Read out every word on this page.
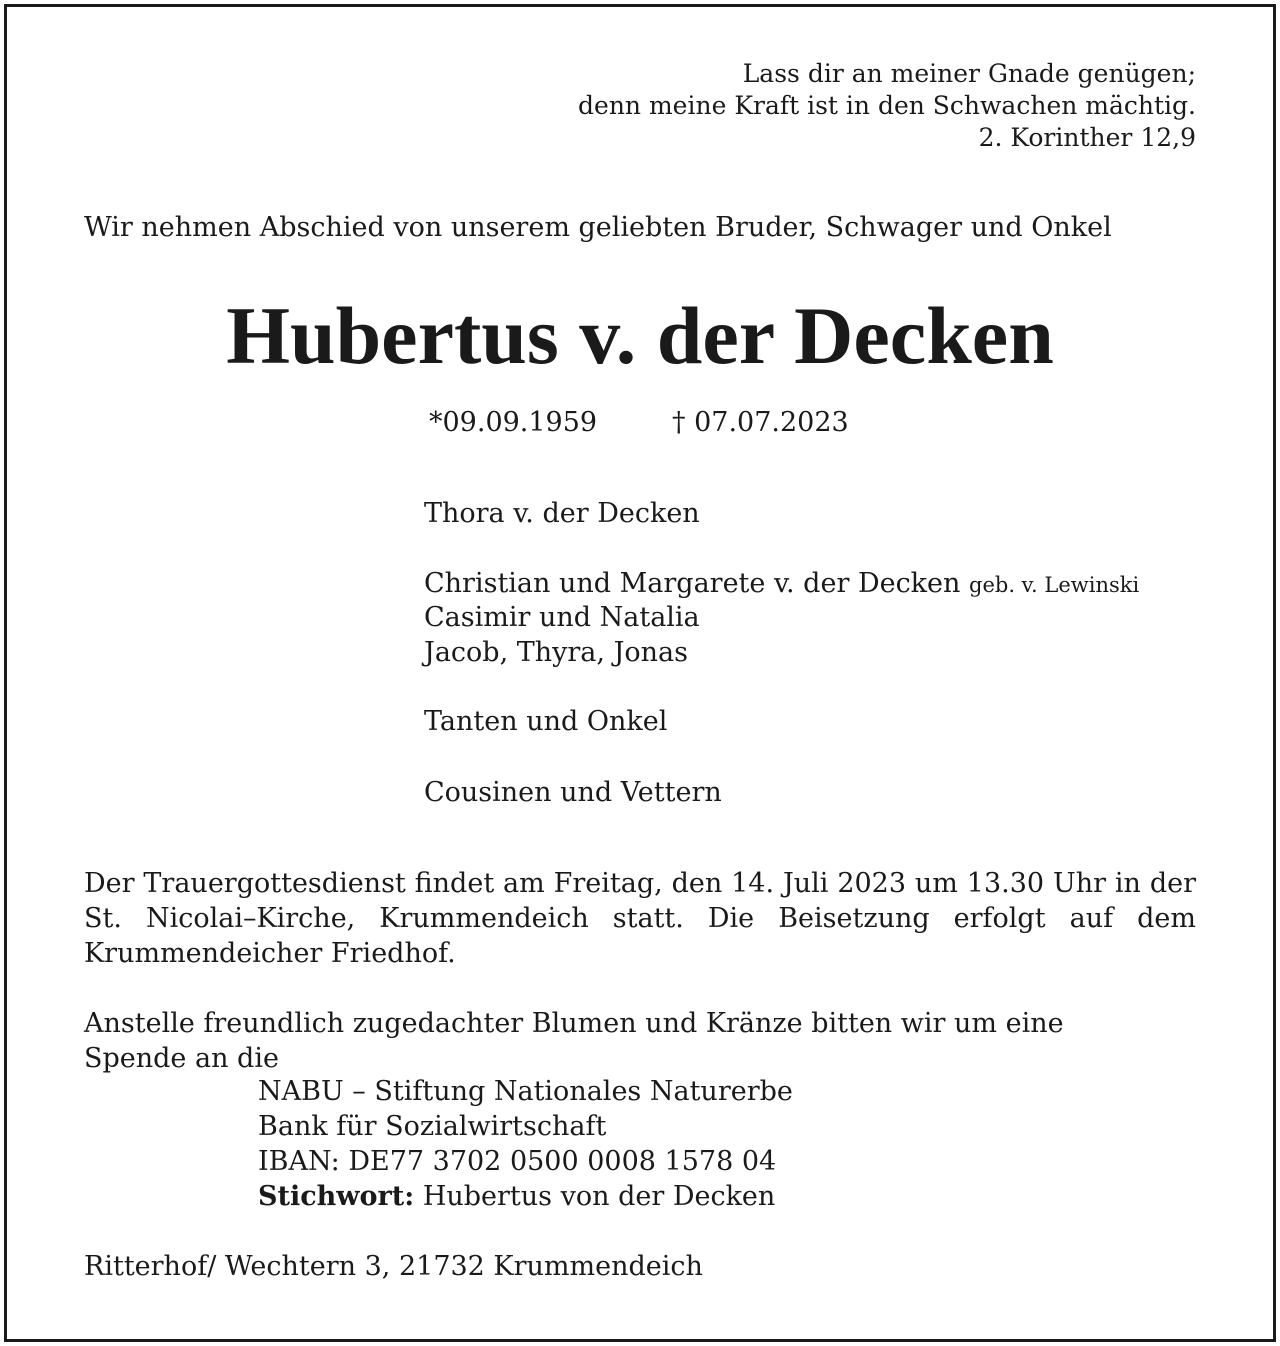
Lass dir an meiner Gnade genügen;
denn meine Kraft ist in den Schwachen mächtig.
2. Korinther 12,9
Wir nehmen Abschied von unserem geliebten Bruder, Schwager und Onkel
Hubertus v. der Decken
*09.09.1959	† 07.07.2023
Thora v. der Decken
Christian und Margarete v. der Decken geb. v. Lewinski
Casimir und Natalia
Jacob, Thyra, Jonas
Tanten und Onkel
Cousinen und Vettern
Der Trauergottesdienst findet am Freitag, den 14. Juli 2023 um 13.30 Uhr in der St. Nicolai–Kirche, Krummendeich statt. Die Beisetzung erfolgt auf dem Krummendeicher Friedhof.
Anstelle freundlich zugedachter Blumen und Kränze bitten wir um eine Spende an die
NABU – Stiftung Nationales Naturerbe
Bank für Sozialwirtschaft
IBAN: DE77 3702 0500 0008 1578 04
Stichwort: Hubertus von der Decken
Ritterhof/ Wechtern 3, 21732 Krummendeich
